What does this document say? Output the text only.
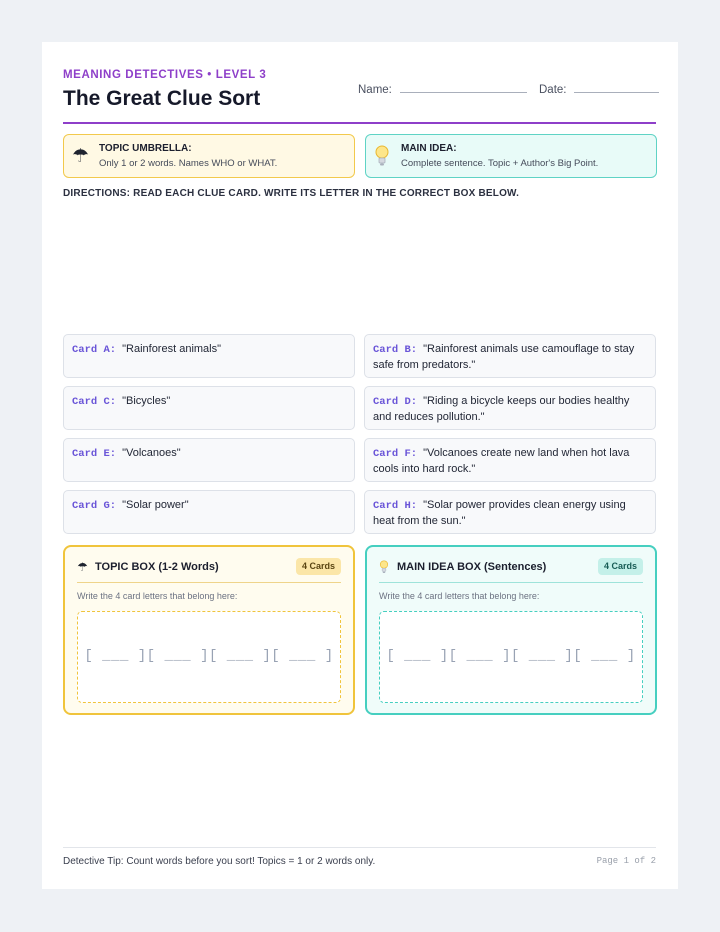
MEANING DETECTIVES • LEVEL 3
The Great Clue Sort	Name:	Date:
☂ TOPIC UMBRELLA:
Only 1 or 2 words. Names WHO or WHAT.
MAIN IDEA:
Complete sentence. Topic + Author's Big Point.
DIRECTIONS: READ EACH CLUE CARD. WRITE ITS LETTER IN THE CORRECT BOX BELOW.
Card A: "Rainforest animals"	Card B: "Rainforest animals use camouflage to stay safe from predators."
Card C: "Bicycles"	Card D: "Riding a bicycle keeps our bodies healthy and reduces pollution."
Card E: "Volcanoes"	Card F: "Volcanoes create new land when hot lava cools into hard rock."
Card G: "Solar power"	Card H: "Solar power provides clean energy using heat from the sun."
☂ TOPIC BOX (1-2 Words)	4 Cards
Write the 4 card letters that belong here:
[ ___ ][ ___ ][ ___ ][ ___ ]
MAIN IDEA BOX (Sentences)	4 Cards
Write the 4 card letters that belong here:
[ ___ ][ ___ ][ ___ ][ ___ ]
Detective Tip: Count words before you sort! Topics = 1 or 2 words only.	Page 1 of 2
